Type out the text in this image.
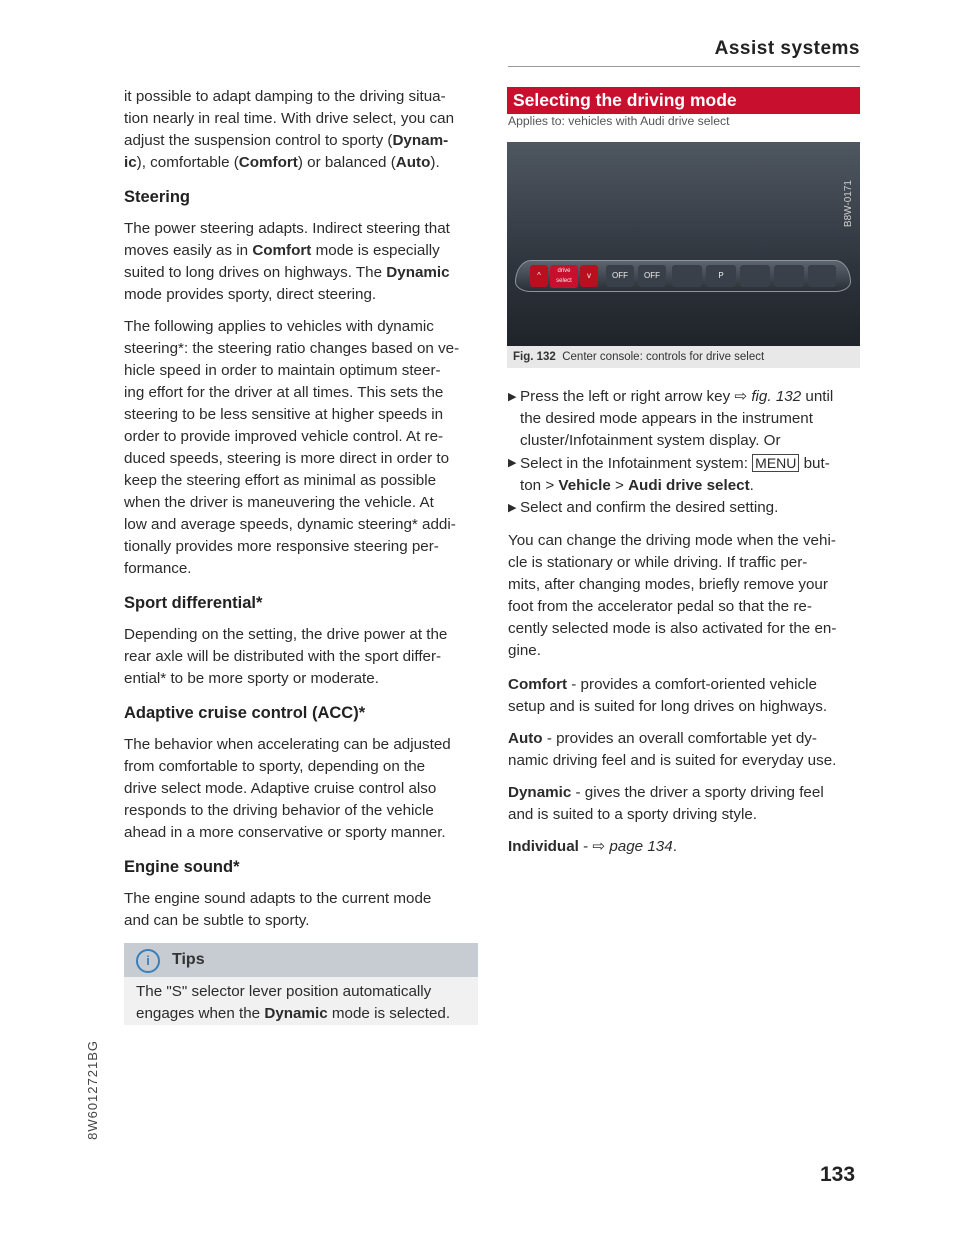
Assist systems

it possible to adapt damping to the driving situa-

tion nearly in real time. With drive select, you can

adjust the suspension control to sporty (Dynam-

ic), comfortable (Comfort) or balanced (Auto).

Steering

The power steering adapts. Indirect steering that

moves easily as in Comfort mode is especially

suited to long drives on highways. The Dynamic

mode provides sporty, direct steering.

The following applies to vehicles with dynamic

steering*: the steering ratio changes based on ve-

hicle speed in order to maintain optimum steer-

ing effort for the driver at all times. This sets the

steering to be less sensitive at higher speeds in

order to provide improved vehicle control. At re-

duced speeds, steering is more direct in order to

keep the steering effort as minimal as possible

when the driver is maneuvering the vehicle. At

low and average speeds, dynamic steering* addi-

tionally provides more responsive steering per-

formance.

Sport differential*

Depending on the setting, the drive power at the

rear axle will be distributed with the sport differ-

ential* to be more sporty or moderate.

Adaptive cruise control (ACC)*

The behavior when accelerating can be adjusted

from comfortable to sporty, depending on the

drive select mode. Adaptive cruise control also

responds to the driving behavior of the vehicle

ahead in a more conservative or sporty manner.

Engine sound*

The engine sound adapts to the current mode

and can be subtle to sporty.

i	Tips

The "S" selector lever position automatically

engages when the Dynamic mode is selected.

Selecting the driving mode
Applies to: vehicles with Audi drive select
B8W-0171
^	drive select
v	OFF	OFF	P
Fig. 132 Center console: controls for drive select
▶ Press the left or right arrow key ⇨ fig. 132 until

the desired mode appears in the instrument

cluster/Infotainment system display. Or

▶ Select in the Infotainment system: MENU but-

ton > Vehicle > Audi drive select.

▶ Select and confirm the desired setting.

You can change the driving mode when the vehi-

cle is stationary or while driving. If traffic per-

mits, after changing modes, briefly remove your

foot from the accelerator pedal so that the re-

cently selected mode is also activated for the en-

gine.

Comfort - provides a comfort-oriented vehicle

setup and is suited for long drives on highways.

Auto - provides an overall comfortable yet dy-

namic driving feel and is suited for everyday use.

Dynamic - gives the driver a sporty driving feel

and is suited to a sporty driving style.

Individual - ⇨ page 134.

8W6012721BG
133
